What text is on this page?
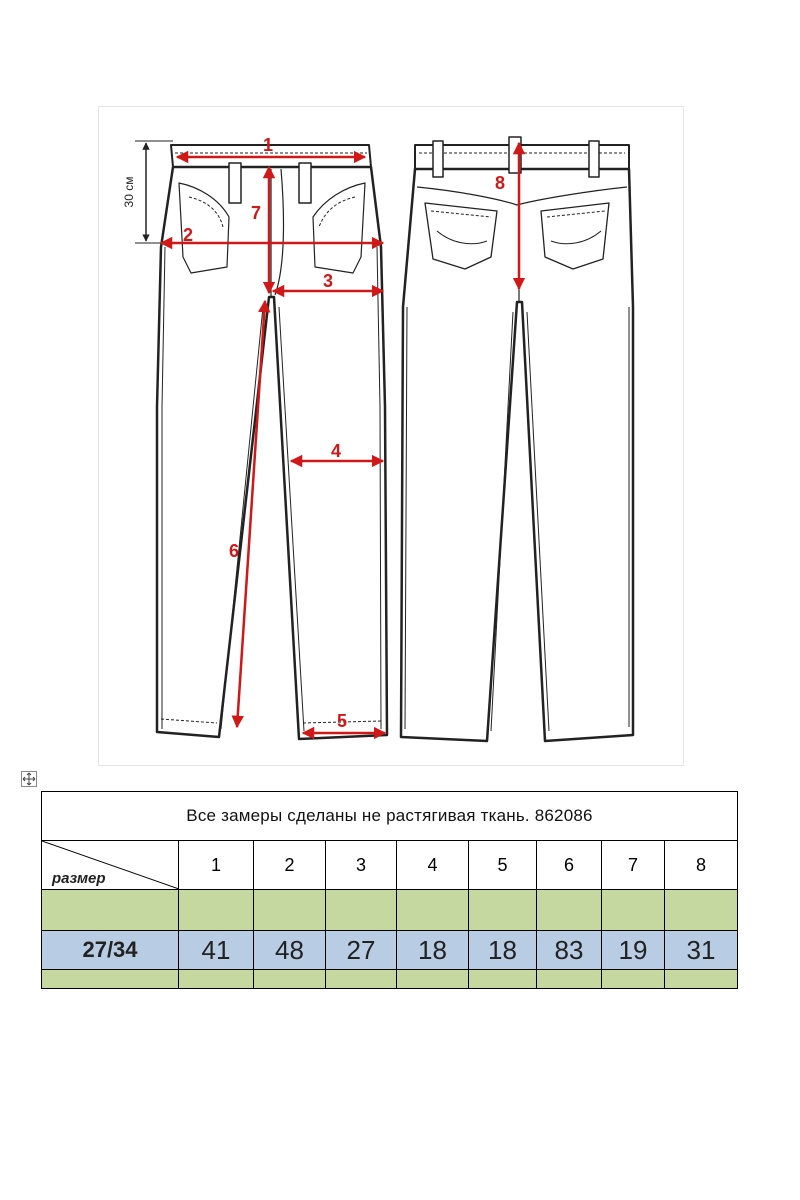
30 см
1
2
3
4
5
6
7
8
Все замеры сделаны не растягивая ткань. 862086								

размер	1	2	3	4	5	6	7	8

27/34	41	48	27	18	18	83	19	31
